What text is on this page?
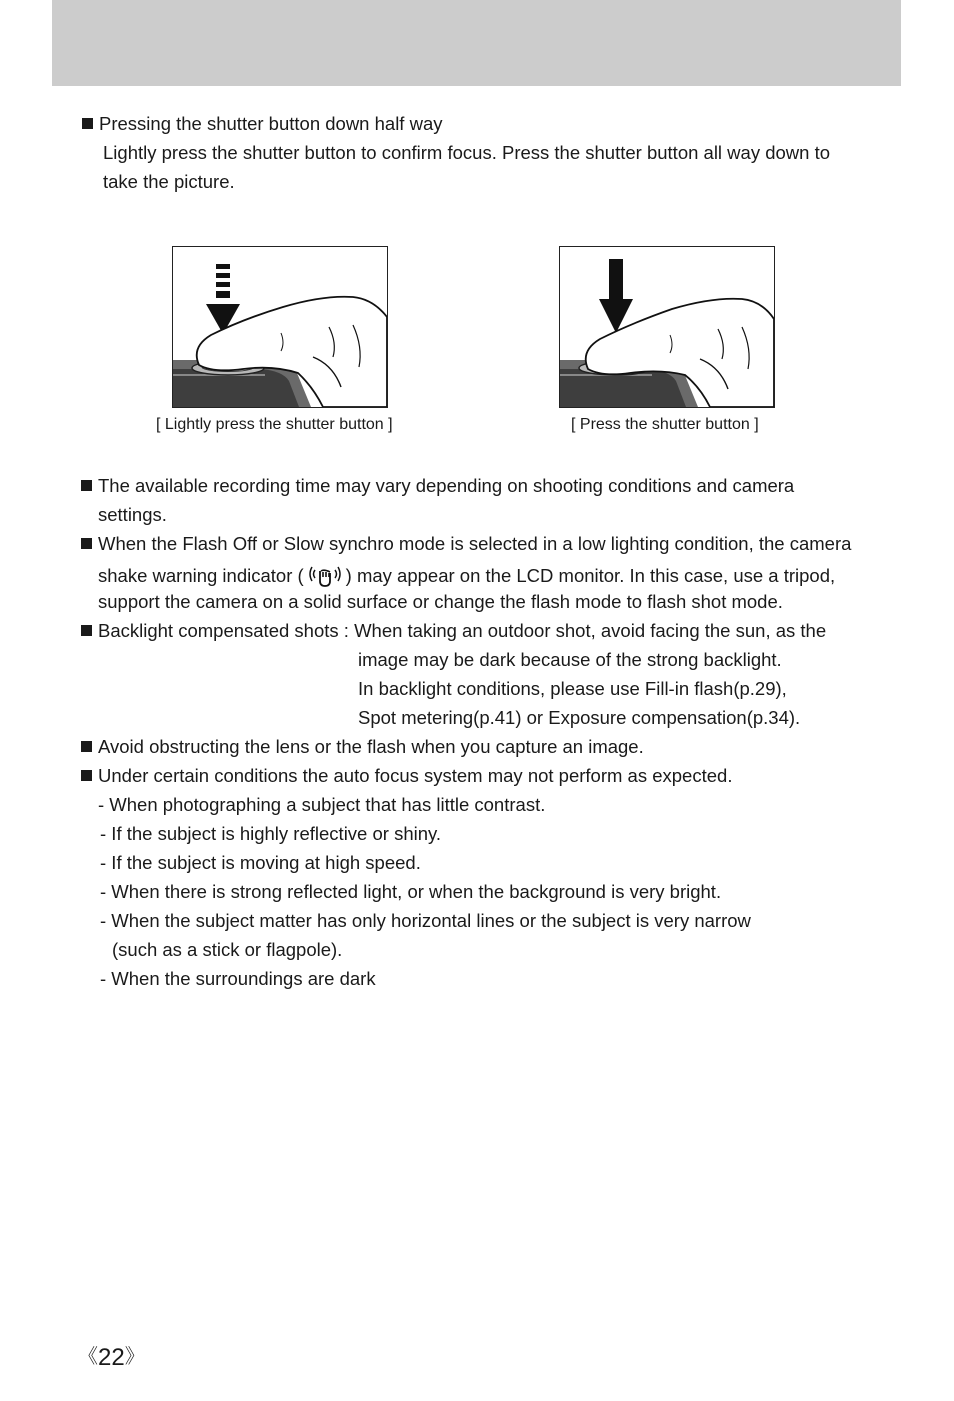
Pressing the shutter button down half way
Lightly press the shutter button to confirm focus. Press the shutter button all way down to
take the picture.
[ Lightly press the shutter button ]	[ Press the shutter button ]
The available recording time may vary depending on shooting conditions and camera
settings.
When the Flash Off or Slow synchro mode is selected in a low lighting condition, the camera
shake warning indicator ( ) may appear on the LCD monitor. In this case, use a tripod,
support the camera on a solid surface or change the flash mode to flash shot mode.
Backlight compensated shots : When taking an outdoor shot, avoid facing the sun, as the
image may be dark because of the strong backlight.
In backlight conditions, please use Fill-in flash(p.29),
Spot metering(p.41) or Exposure compensation(p.34).
Avoid obstructing the lens or the flash when you capture an image.
Under certain conditions the auto focus system may not perform as expected.
- When photographing a subject that has little contrast.
- If the subject is highly reflective or shiny.
- If the subject is moving at high speed.
- When there is strong reflected light, or when the background is very bright.
- When the subject matter has only horizontal lines or the subject is very narrow
(such as a stick or flagpole).
- When the surroundings are dark
《22》
